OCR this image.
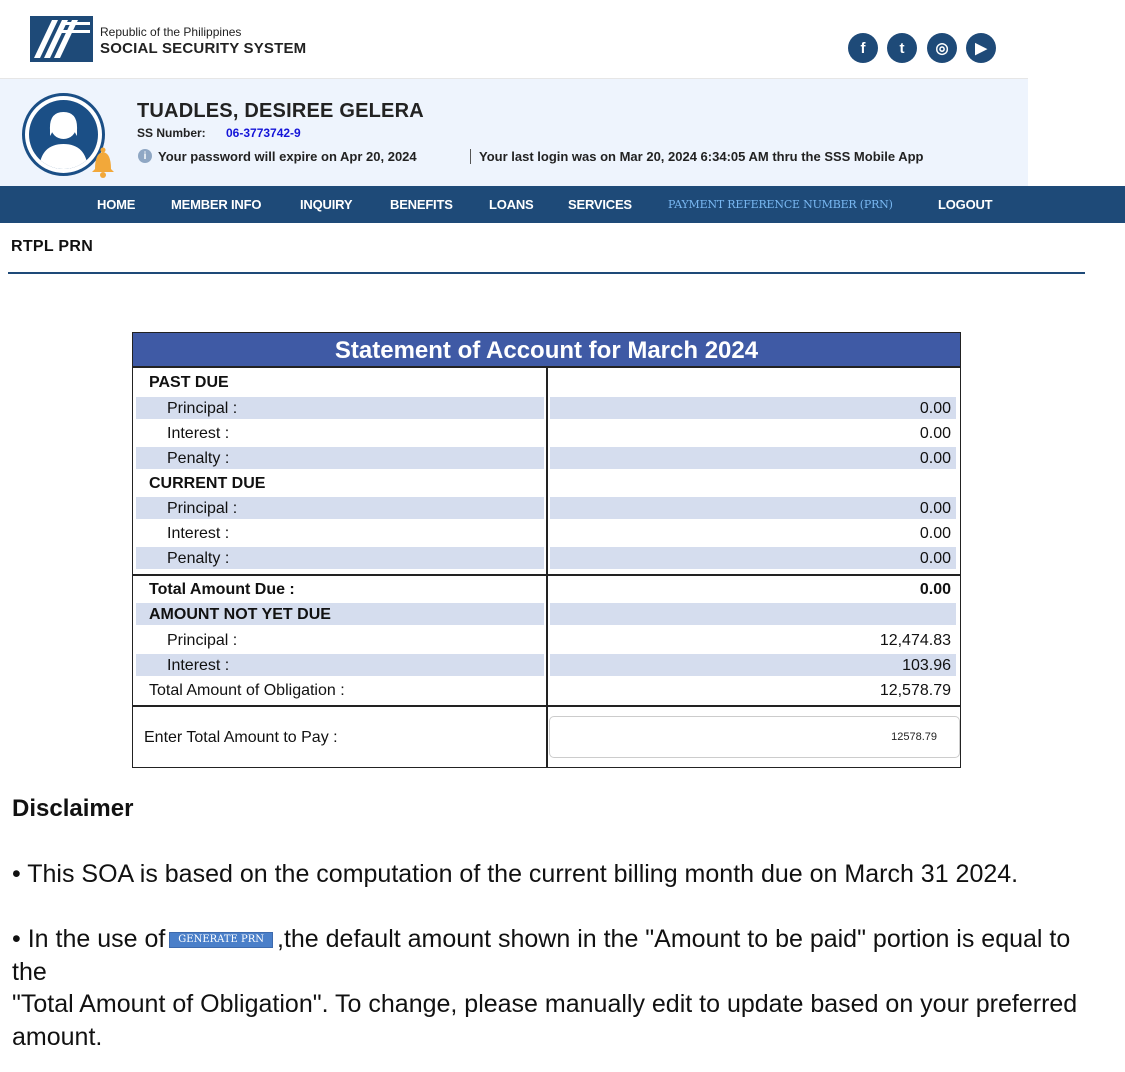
Republic of the Philippines
SOCIAL SECURITY SYSTEM	f	t	◎	▶
TUADLES, DESIREE GELERA
SS Number: 06-3773742-9
i Your password will expire on Apr 20, 2024	Your last login was on Mar 20, 2024 6:34:05 AM thru the SSS Mobile App
HOME	MEMBER INFO	INQUIRY	BENEFITS	LOANS	SERVICES	PAYMENT REFERENCE NUMBER (PRN)	LOGOUT
RTPL PRN
Statement of Account for March 2024
PAST DUE
Principal :	0.00
Interest :	0.00
Penalty :	0.00
CURRENT DUE
Principal :	0.00
Interest :	0.00
Penalty :	0.00
Total Amount Due :	0.00
AMOUNT NOT YET DUE
Principal :	12,474.83
Interest :	103.96
Total Amount of Obligation :	12,578.79
Enter Total Amount to Pay :
12578.79
Disclaimer
• This SOA is based on the computation of the current billing month due on March 31 2024.
• In the use of GENERATE PRN ,the default amount shown in the "Amount to be paid" portion is equal to the
"Total Amount of Obligation". To change, please manually edit to update based on your preferred amount.
